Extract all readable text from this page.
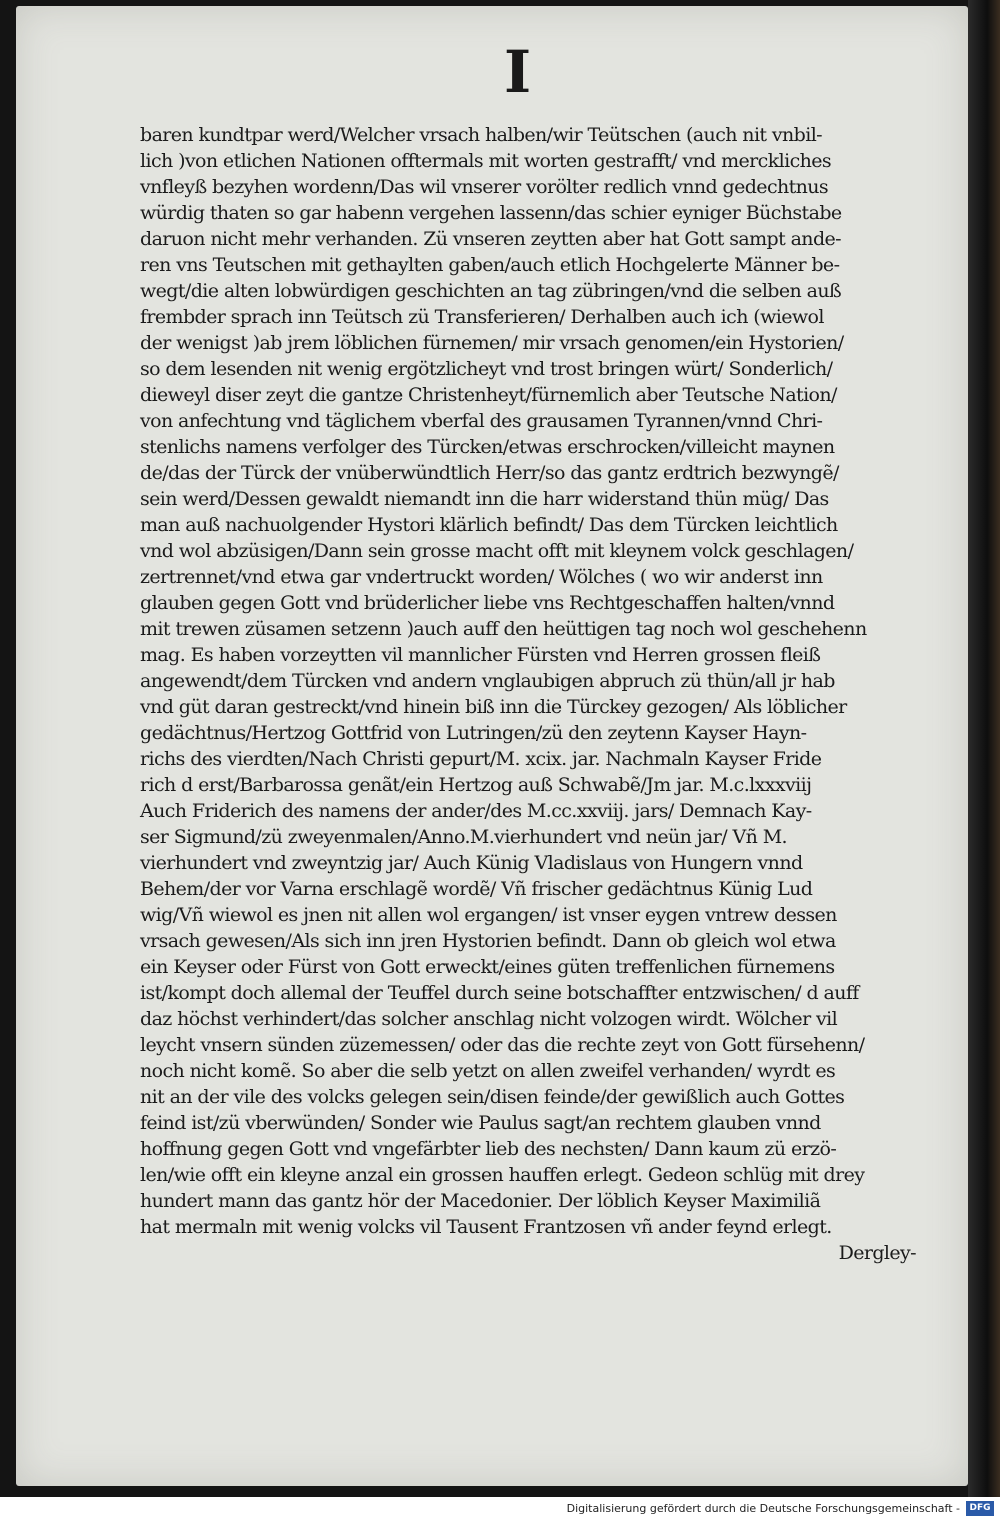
I
baren kundtpar werd/Welcher vrsach halben/wir Teütschen (auch nit vnbil-
lich )von etlichen Nationen offtermals mit worten gestrafft/ vnd merckliches
vnfleyß bezyhen wordenn/Das wil vnserer vorölter redlich vnnd gedechtnus
würdig thaten so gar habenn vergehen lassenn/das schier eyniger Büchstabe
daruon nicht mehr verhanden. Zü vnseren zeytten aber hat Gott sampt ande-
ren vns Teutschen mit gethaylten gaben/auch etlich Hochgelerte Männer be-
wegt/die alten lobwürdigen geschichten an tag zübringen/vnd die selben auß
frembder sprach inn Teütsch zü Transferieren/ Derhalben auch ich (wiewol
der wenigst )ab jrem löblichen fürnemen/ mir vrsach genomen/ein Hystorien/
so dem lesenden nit wenig ergötzlicheyt vnd trost bringen würt/ Sonderlich/
dieweyl diser zeyt die gantze Christenheyt/fürnemlich aber Teutsche Nation/
von anfechtung vnd täglichem vberfal des grausamen Tyrannen/vnnd Chri-
stenlichs namens verfolger des Türcken/etwas erschrocken/villeicht maynen
de/das der Türck der vnüberwündtlich Herr/so das gantz erdtrich bezwyngẽ/
sein werd/Dessen gewaldt niemandt inn die harr widerstand thün müg/ Das
man auß nachuolgender Hystori klärlich befindt/ Das dem Türcken leichtlich
vnd wol abzüsigen/Dann sein grosse macht offt mit kleynem volck geschlagen/
zertrennet/vnd etwa gar vndertruckt worden/ Wölches ( wo wir anderst inn
glauben gegen Gott vnd brüderlicher liebe vns Rechtgeschaffen halten/vnnd
mit trewen züsamen setzenn )auch auff den heüttigen tag noch wol geschehenn
mag. Es haben vorzeytten vil mannlicher Fürsten vnd Herren grossen fleiß
angewendt/dem Türcken vnd andern vnglaubigen abpruch zü thün/all jr hab
vnd güt daran gestreckt/vnd hinein biß inn die Türckey gezogen/ Als löblicher
gedächtnus/Hertzog Gottfrid von Lutringen/zü den zeytenn Kayser Hayn-
richs des vierdten/Nach Christi gepurt/M. xcix. jar. Nachmaln Kayser Fride
rich d erst/Barbarossa genãt/ein Hertzog auß Schwabẽ/Jm jar. M.c.lxxxviij
Auch Friderich des namens der ander/des M.cc.xxviij. jars/ Demnach Kay-
ser Sigmund/zü zweyenmalen/Anno.M.vierhundert vnd neün jar/ Vñ M.
vierhundert vnd zweyntzig jar/ Auch Künig Vladislaus von Hungern vnnd
Behem/der vor Varna erschlagẽ wordẽ/ Vñ frischer gedächtnus Künig Lud
wig/Vñ wiewol es jnen nit allen wol ergangen/ ist vnser eygen vntrew dessen
vrsach gewesen/Als sich inn jren Hystorien befindt. Dann ob gleich wol etwa
ein Keyser oder Fürst von Gott erweckt/eines güten treffenlichen fürnemens
ist/kompt doch allemal der Teuffel durch seine botschaffter entzwischen/ d auff
daz höchst verhindert/das solcher anschlag nicht volzogen wirdt. Wölcher vil
leycht vnsern sünden züzemessen/ oder das die rechte zeyt von Gott fürsehenn/
noch nicht komẽ. So aber die selb yetzt on allen zweifel verhanden/ wyrdt es
nit an der vile des volcks gelegen sein/disen feinde/der gewißlich auch Gottes
feind ist/zü vberwünden/ Sonder wie Paulus sagt/an rechtem glauben vnnd
hoffnung gegen Gott vnd vngefärbter lieb des nechsten/ Dann kaum zü erzö-
len/wie offt ein kleyne anzal ein grossen hauffen erlegt. Gedeon schlüg mit drey
hundert mann das gantz hör der Macedonier. Der löblich Keyser Maximiliã
hat mermaln mit wenig volcks vil Tausent Frantzosen vñ ander feynd erlegt.
Dergley-
Digitalisierung gefördert durch die Deutsche Forschungsgemeinschaft -	DFG
